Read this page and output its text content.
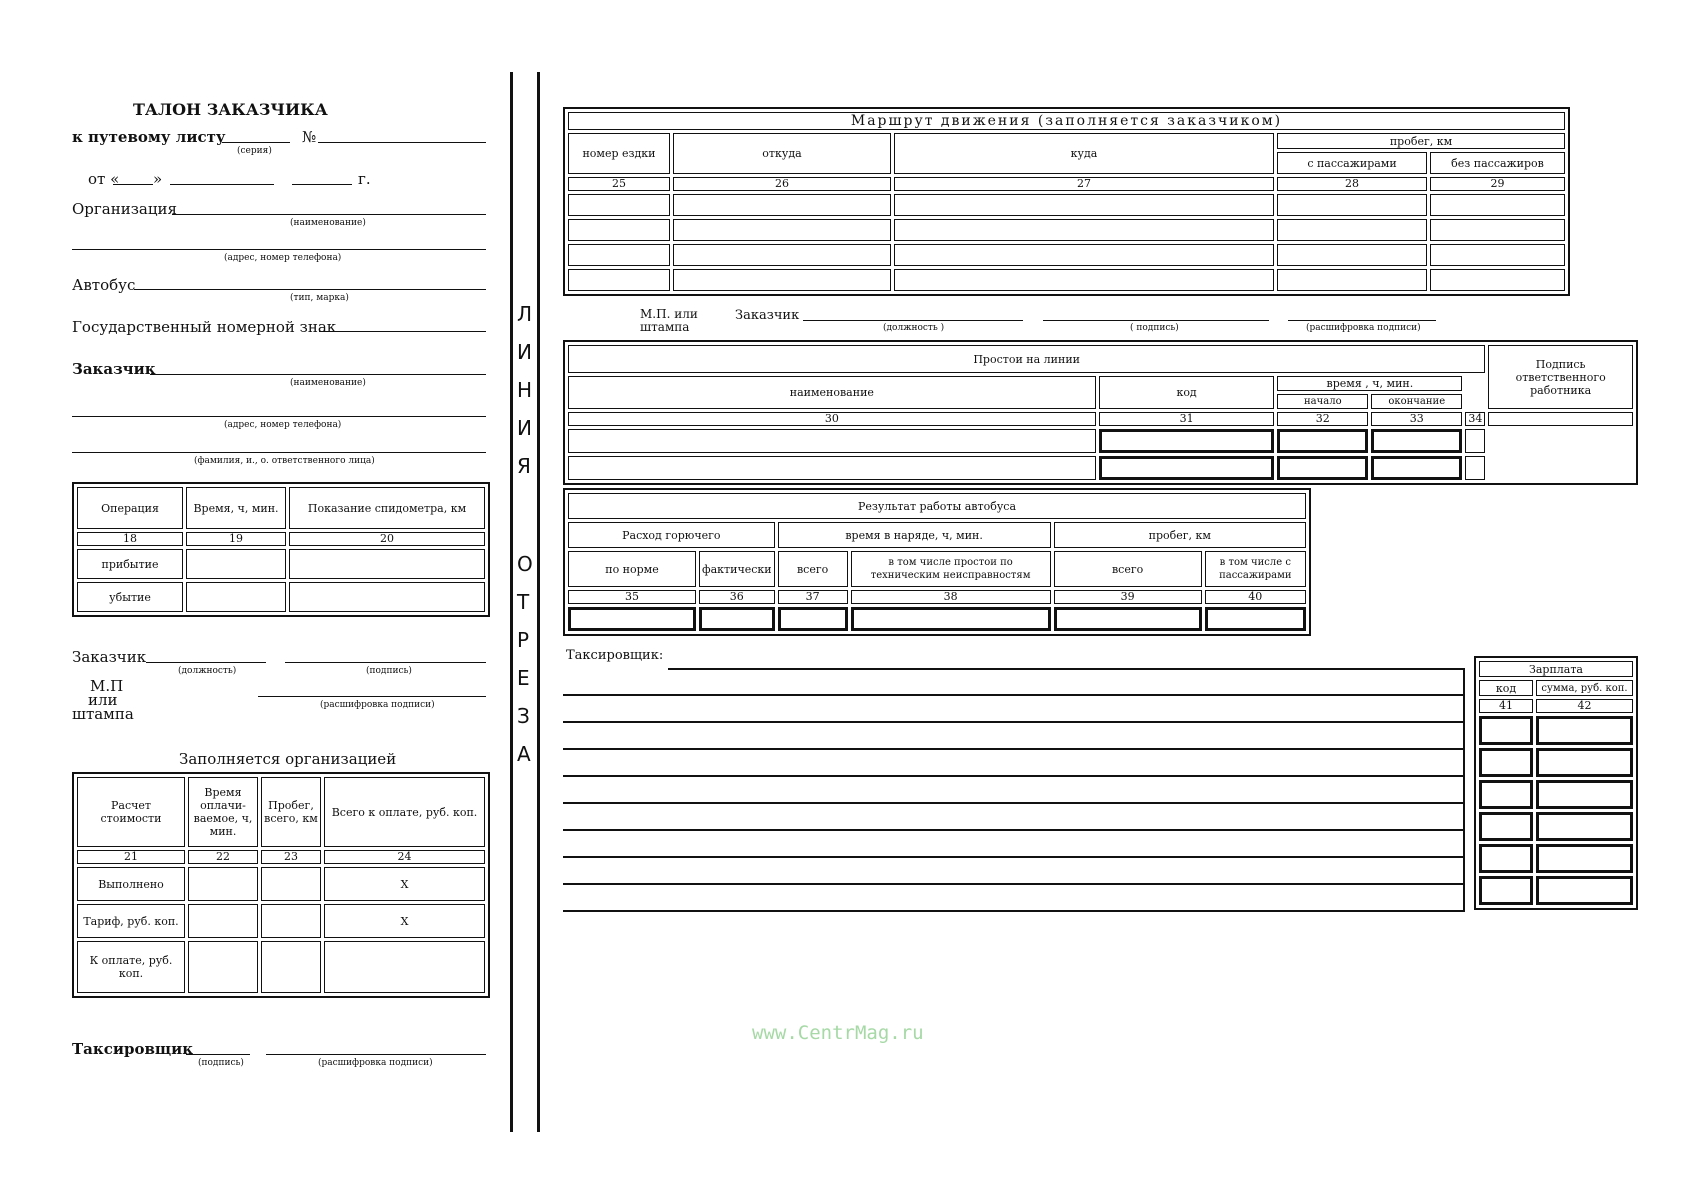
ТАЛОН ЗАКАЗЧИКА
к путевому листу
(серия)
№
от « »	г.
Организация
(наименование)
(адрес, номер телефона)
Автобус
(тип, марка)
Государственный номерной знак
Заказчик
(наименование)
(адрес, номер телефона)
(фамилия, и., о. ответственного лица)
Операция	Время, ч, мин.	Показание спидометра, км
18	19	20
прибытие		
убытие		
Заказчик
(должность)	(подпись)
М.П
или
штампа	(расшифровка подписи)
Заполняется организацией
Расчет стоимости	Время оплачи-ваемое, ч, мин.	Пробег, всего, км	Всего к оплате, руб. коп.
21	22	23	24
Выполнено			Х
Тариф, руб. коп.			Х
К оплате, руб. коп.			
Таксировщик
(подпись)	(расшифровка подписи)
Л
И
Н
И
Я
О
Т
Р
Е
З
А
Маршрут движения (заполняется заказчиком)				
номер ездки	откуда	куда	пробег, км	
			с пассажирами	без пассажиров
25	26	27	28	29

М.П. или штампа
Заказчик
(должность )	( подпись)	(расшифровка подписи)
Простои на линии					Подпись ответственного работника
наименование	код	время , ч, мин.			
		начало	окончание		
30	31	32	33	34	

Результат работы автобуса					
Расход горючего		время в наряде, ч, мин.		пробег, км	
по норме	фактически	всего	в том числе простои по техническим неисправностям	всего	в том числе с пассажирами
35	36	37	38	39	40

Таксировщик:
Зарплата	
код	сумма, руб. коп.
41	42

www.CentrMag.ru
